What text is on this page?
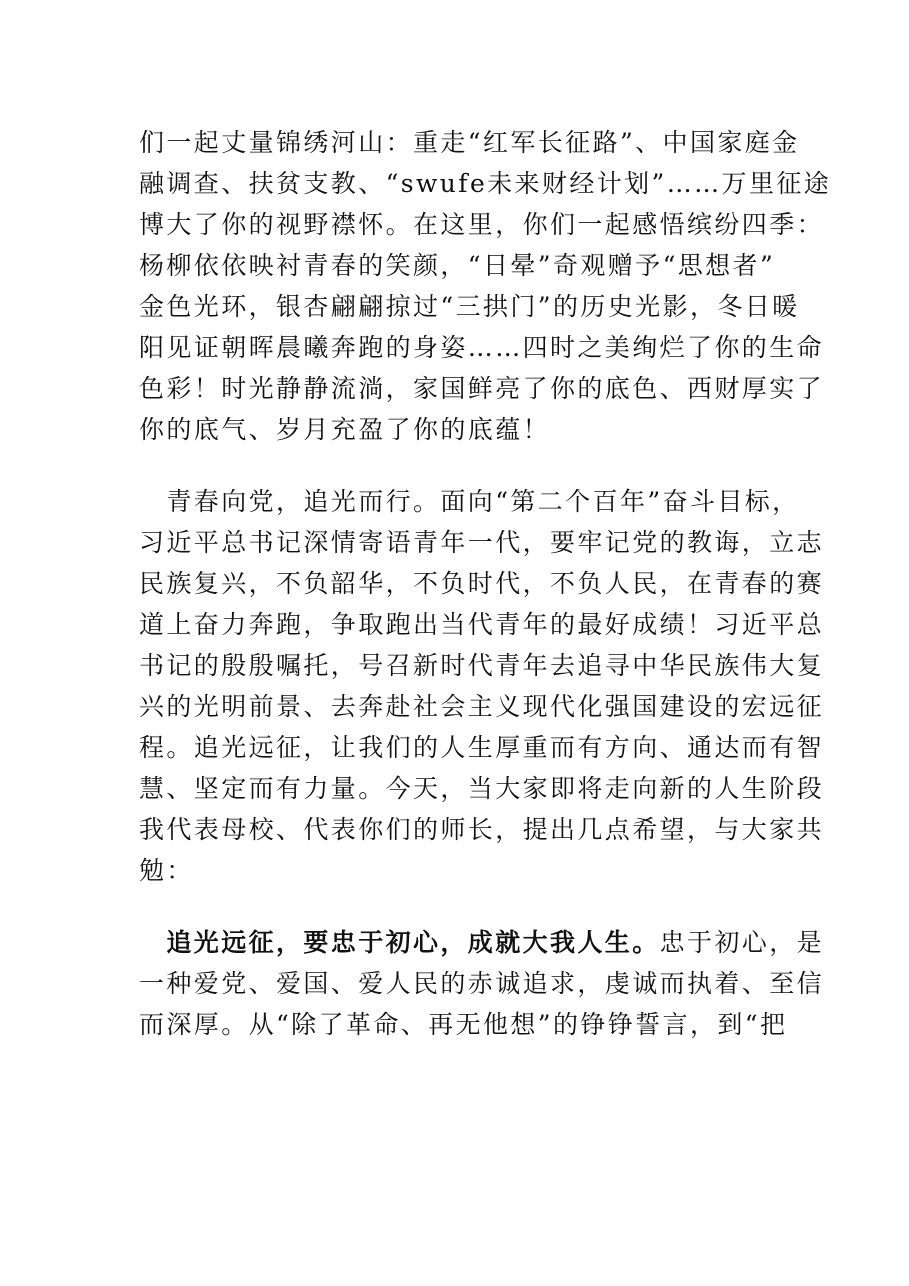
们一起丈量锦绣河山：重走“红军长征路”、中国家庭金
融调查、扶贫支教、“swufe未来财经计划”……万里征途
博大了你的视野襟怀。在这里，你们一起感悟缤纷四季：
杨柳依依映衬青春的笑颜，“日晕”奇观赠予“思想者”
金色光环，银杏翩翩掠过“三拱门”的历史光影，冬日暖
阳见证朝晖晨曦奔跑的身姿……四时之美绚烂了你的生命
色彩！时光静静流淌，家国鲜亮了你的底色、西财厚实了
你的底气、岁月充盈了你的底蕴！

　青春向党，追光而行。面向“第二个百年”奋斗目标，
习近平总书记深情寄语青年一代，要牢记党的教诲，立志
民族复兴，不负韶华，不负时代，不负人民，在青春的赛
道上奋力奔跑，争取跑出当代青年的最好成绩！习近平总
书记的殷殷嘱托，号召新时代青年去追寻中华民族伟大复
兴的光明前景、去奔赴社会主义现代化强国建设的宏远征
程。追光远征，让我们的人生厚重而有方向、通达而有智
慧、坚定而有力量。今天，当大家即将走向新的人生阶段
我代表母校、代表你们的师长，提出几点希望，与大家共
勉：

　追光远征，要忠于初心，成就大我人生。忠于初心，是
一种爱党、爱国、爱人民的赤诚追求，虔诚而执着、至信
而深厚。从“除了革命、再无他想”的铮铮誓言，到“把
